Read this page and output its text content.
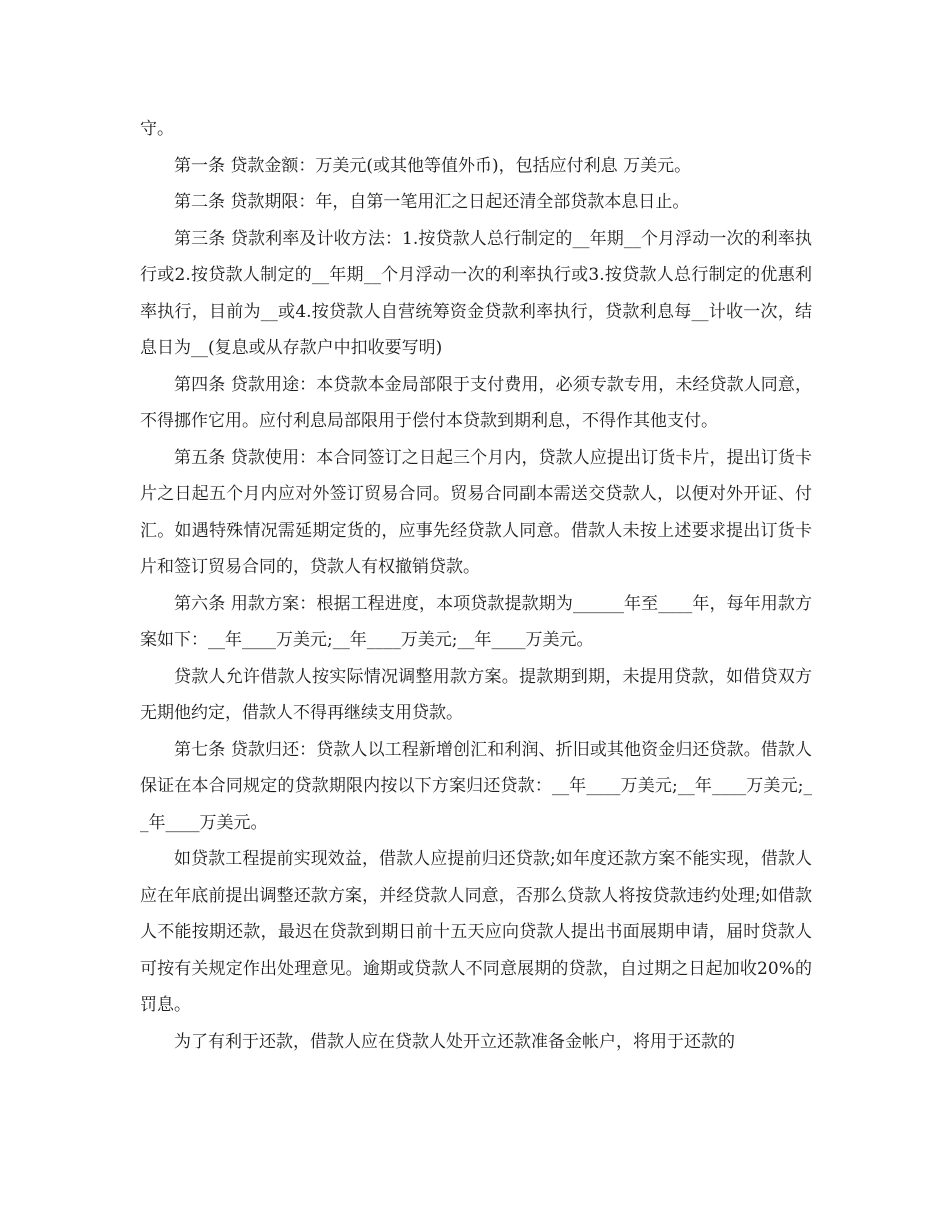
守。

第一条 贷款金额：万美元(或其他等值外币)，包括应付利息 万美元。

第二条 贷款期限：年，自第一笔用汇之日起还清全部贷款本息日止。

第三条 贷款利率及计收方法：1.按贷款人总行制定的__年期__个月浮动一次的利率执行或2.按贷款人制定的__年期__个月浮动一次的利率执行或3.按贷款人总行制定的优惠利率执行，目前为__或4.按贷款人自营统筹资金贷款利率执行，贷款利息每__计收一次，结息日为__(复息或从存款户中扣收要写明)

第四条 贷款用途：本贷款本金局部限于支付费用，必须专款专用，未经贷款人同意，不得挪作它用。应付利息局部限用于偿付本贷款到期利息，不得作其他支付。

第五条 贷款使用：本合同签订之日起三个月内，贷款人应提出订货卡片，提出订货卡片之日起五个月内应对外签订贸易合同。贸易合同副本需送交贷款人，以便对外开证、付汇。如遇特殊情况需延期定货的，应事先经贷款人同意。借款人未按上述要求提出订货卡片和签订贸易合同的，贷款人有权撤销贷款。

第六条 用款方案：根据工程进度，本项贷款提款期为______年至____年，每年用款方案如下：__年____万美元;__年____万美元;__年____万美元。

贷款人允许借款人按实际情况调整用款方案。提款期到期，未提用贷款，如借贷双方无期他约定，借款人不得再继续支用贷款。

第七条 贷款归还：贷款人以工程新增创汇和利润、折旧或其他资金归还贷款。借款人保证在本合同规定的贷款期限内按以下方案归还贷款：__年____万美元;__年____万美元;__年____万美元。

如贷款工程提前实现效益，借款人应提前归还贷款;如年度还款方案不能实现，借款人应在年底前提出调整还款方案，并经贷款人同意，否那么贷款人将按贷款违约处理;如借款人不能按期还款，最迟在贷款到期日前十五天应向贷款人提出书面展期申请，届时贷款人可按有关规定作出处理意见。逾期或贷款人不同意展期的贷款，自过期之日起加收20%的罚息。

为了有利于还款，借款人应在贷款人处开立还款准备金帐户，将用于还款的
